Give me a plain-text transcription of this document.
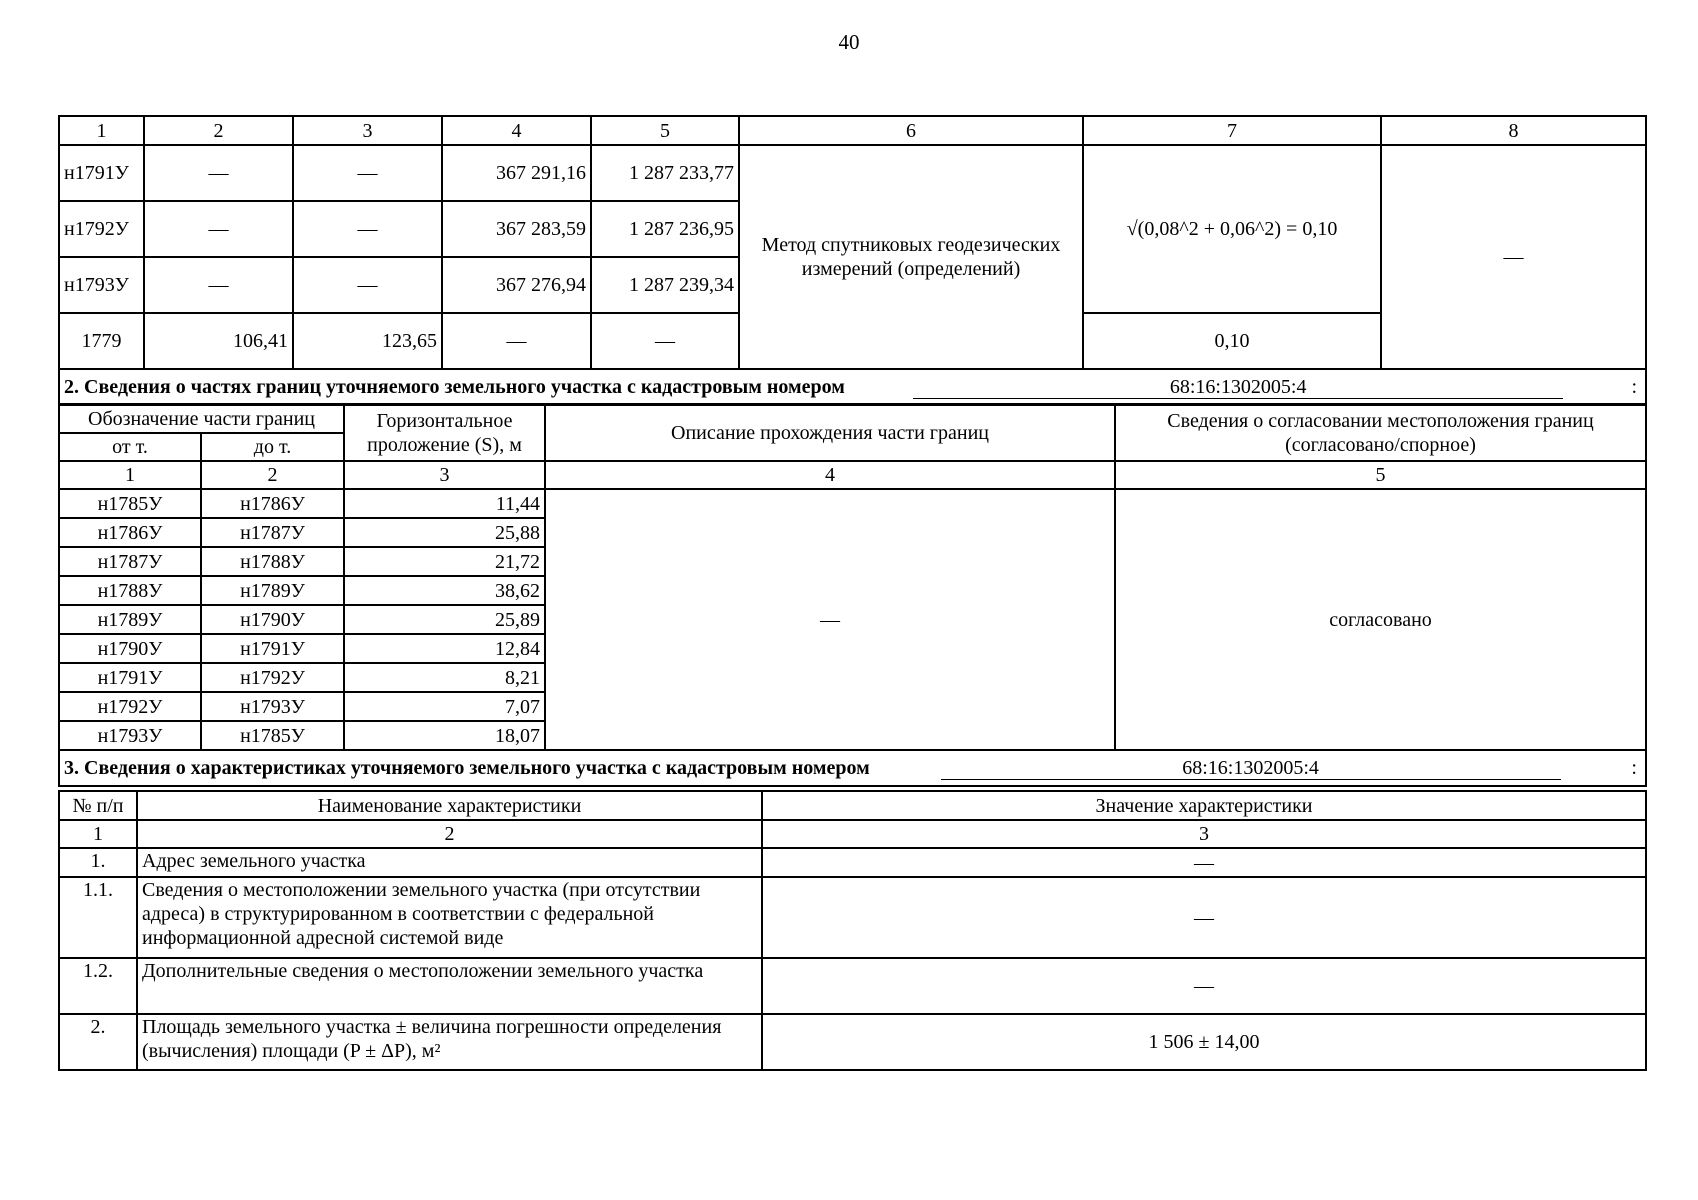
40
1	2	3	4	5	6	7	8
н1791У	—	—	367 291,16	1 287 233,77	Метод спутниковых геодезических измерений (определений)	√(0,08^2 + 0,06^2) = 0,10	—
н1792У	—	—	367 283,59	1 287 236,95			
н1793У	—	—	367 276,94	1 287 239,34			
1779	106,41	123,65	—	—		0,10	

2. Сведения о частях границ уточняемого земельного участка с кадастровым номером 68:16:1302005:4 :							
Обозначение части границ		Горизонтальное проложение (S), м	Описание прохождения части границ	Сведения о согласовании местоположения границ (согласовано/спорное)
от т.	до т.			
1	2	3	4	5
н1785У	н1786У	11,44	—	согласовано
н1786У	н1787У	25,88		
н1787У	н1788У	21,72		
н1788У	н1789У	38,62		
н1789У	н1790У	25,89		
н1790У	н1791У	12,84		
н1791У	н1792У	8,21		
н1792У	н1793У	7,07		
н1793У	н1785У	18,07		

3. Сведения о характеристиках уточняемого земельного участка с кадастровым номером 68:16:1302005:4 :				
№ п/п	Наименование характеристики	Значение характеристики
1	2	3
1.	Адрес земельного участка	—
1.1.	Сведения о местоположении земельного участка (при отсутствии адреса) в структурированном в соответствии с федеральной информационной адресной системой виде	—
1.2.	Дополнительные сведения о местоположении земельного участка	—
2.	Площадь земельного участка ± величина погрешности определения (вычисления) площади (P ± ΔP), м²	1 506 ± 14,00
